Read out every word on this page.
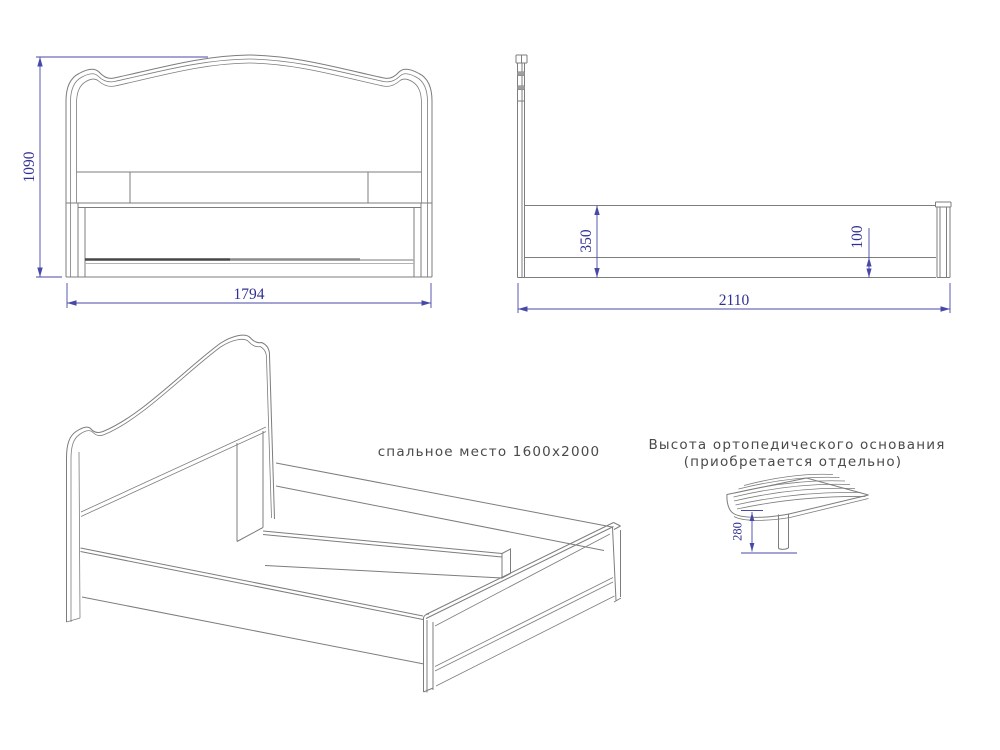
1090
1794
350	100
2110
280
спальное место 1600x2000	Высота ортопедического основания
(приобретается отдельно)
